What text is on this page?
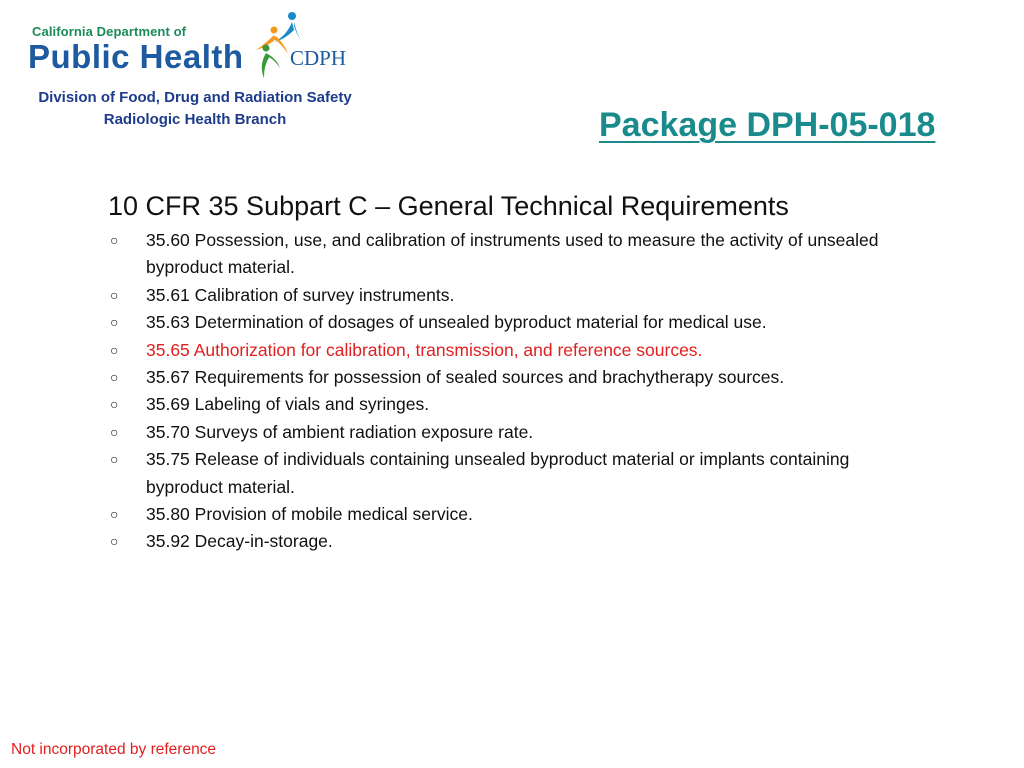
California Department of
Public Health CDPH
Division of Food, Drug and Radiation Safety
Radiologic Health Branch	Package DPH-05-018
10 CFR 35 Subpart C – General Technical Requirements
○ 35.60 Possession, use, and calibration of instruments used to measure the activity of unsealed byproduct material.
○ 35.61 Calibration of survey instruments.
○ 35.63 Determination of dosages of unsealed byproduct material for medical use.
○ 35.65 Authorization for calibration, transmission, and reference sources.
○ 35.67 Requirements for possession of sealed sources and brachytherapy sources.
○ 35.69 Labeling of vials and syringes.
○ 35.70 Surveys of ambient radiation exposure rate.
○ 35.75 Release of individuals containing unsealed byproduct material or implants containing byproduct material.
○ 35.80 Provision of mobile medical service.
○ 35.92 Decay-in-storage.
Not incorporated by reference
